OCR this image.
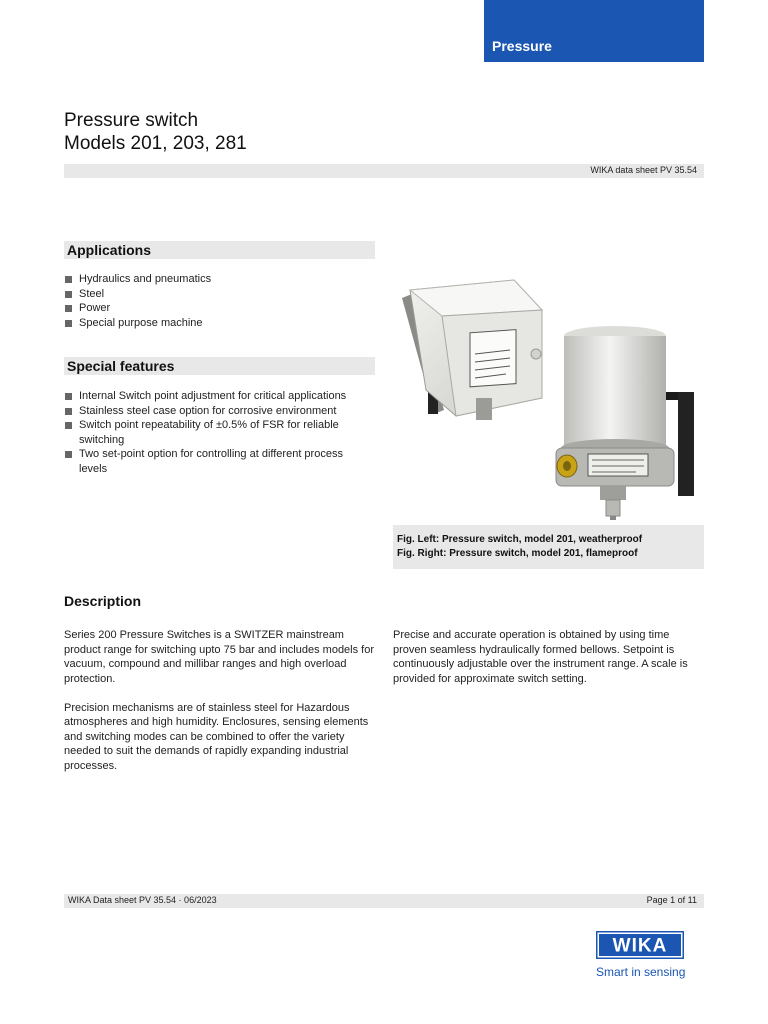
Pressure
Pressure switch
Models 201, 203, 281
WIKA data sheet PV 35.54
Applications
Hydraulics and pneumatics
Steel
Power
Special purpose machine
Special features
Internal Switch point adjustment for critical applications
Stainless steel case option for corrosive environment
Switch point repeatability of ±0.5% of FSR for reliable switching
Two set-point option for controlling at different process levels
Fig. Left: Pressure switch, model 201, weatherproof
Fig. Right: Pressure switch, model 201, flameproof
Description

Series 200 Pressure Switches is a SWITZER mainstream product range for switching upto 75 bar and includes models for vacuum, compound and millibar ranges and high overload protection.

Precision mechanisms are of stainless steel for Hazardous atmospheres and high humidity. Enclosures, sensing elements and switching modes can be combined to offer the variety needed to suit the demands of rapidly expanding industrial processes.

Precise and accurate operation is obtained by using time proven seamless hydraulically formed bellows. Setpoint is continuously adjustable over the instrument range. A scale is provided for approximate switch setting.

WIKA Data sheet PV 35.54 · 06/2023	Page 1 of 11
WIKA
Smart in sensing
